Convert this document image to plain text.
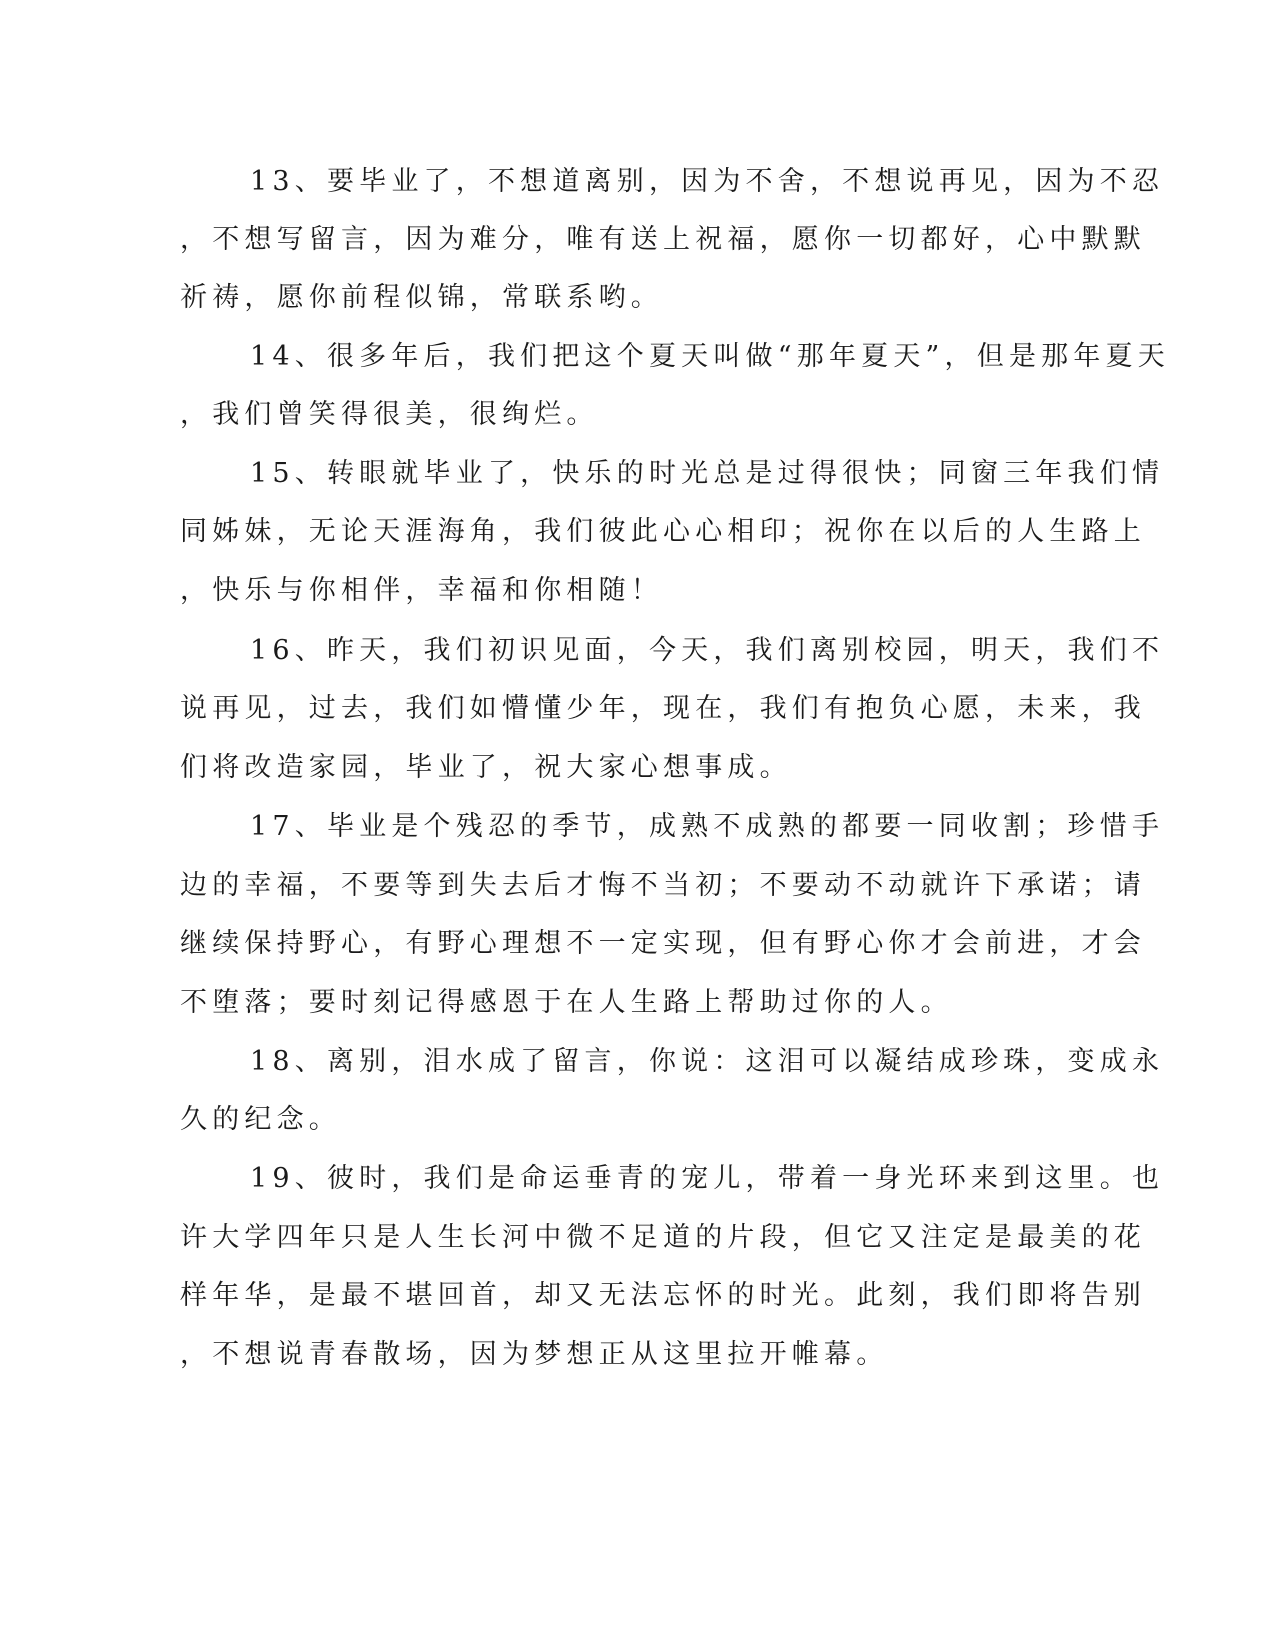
13、要毕业了，不想道离别，因为不舍，不想说再见，因为不忍
，不想写留言，因为难分，唯有送上祝福，愿你一切都好，心中默默
祈祷，愿你前程似锦，常联系哟。
14、很多年后，我们把这个夏天叫做“那年夏天”，但是那年夏天
，我们曾笑得很美，很绚烂。
15、转眼就毕业了，快乐的时光总是过得很快；同窗三年我们情
同姊妹，无论天涯海角，我们彼此心心相印；祝你在以后的人生路上
，快乐与你相伴，幸福和你相随！
16、昨天，我们初识见面，今天，我们离别校园，明天，我们不
说再见，过去，我们如懵懂少年，现在，我们有抱负心愿，未来，我
们将改造家园，毕业了，祝大家心想事成。
17、毕业是个残忍的季节，成熟不成熟的都要一同收割；珍惜手
边的幸福，不要等到失去后才悔不当初；不要动不动就许下承诺；请
继续保持野心，有野心理想不一定实现，但有野心你才会前进，才会
不堕落；要时刻记得感恩于在人生路上帮助过你的人。
18、离别，泪水成了留言，你说：这泪可以凝结成珍珠，变成永
久的纪念。
19、彼时，我们是命运垂青的宠儿，带着一身光环来到这里。也
许大学四年只是人生长河中微不足道的片段，但它又注定是最美的花
样年华，是最不堪回首，却又无法忘怀的时光。此刻，我们即将告别
，不想说青春散场，因为梦想正从这里拉开帷幕。
